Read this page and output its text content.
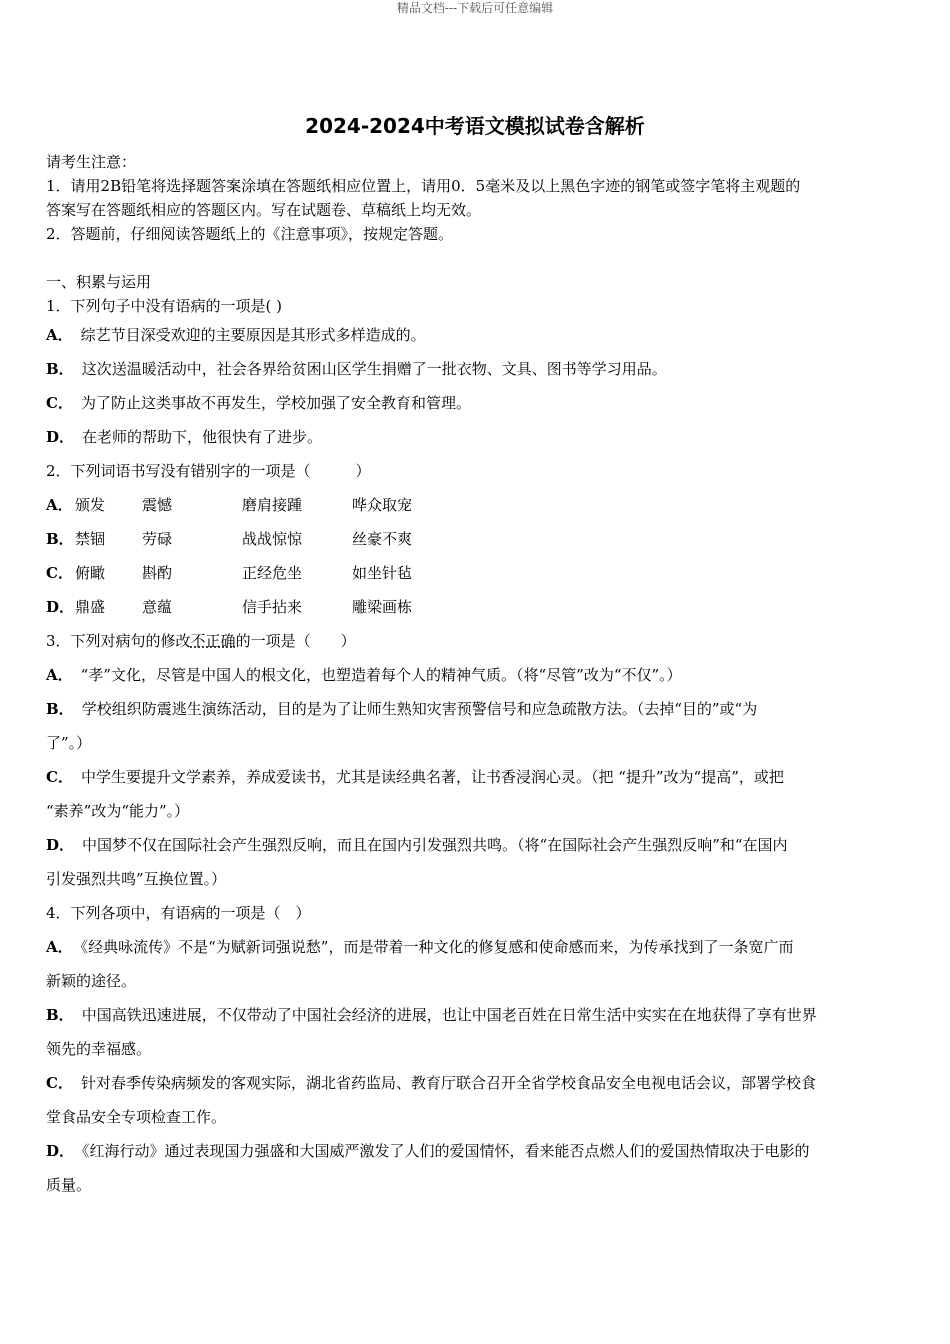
精品文档---下载后可任意编辑
2024-2024中考语文模拟试卷含解析
请考生注意：
1．请用2B铅笔将选择题答案涂填在答题纸相应位置上，请用0．5毫米及以上黑色字迹的钢笔或签字笔将主观题的
答案写在答题纸相应的答题区内。写在试题卷、草稿纸上均无效。
2．答题前，仔细阅读答题纸上的《注意事项》，按规定答题。
一、积累与运用
1．下列句子中没有语病的一项是( )
A． 综艺节目深受欢迎的主要原因是其形式多样造成的。
B． 这次送温暖活动中，社会各界给贫困山区学生捐赠了一批衣物、文具、图书等学习用品。
C． 为了防止这类事故不再发生，学校加强了安全教育和管理。
D． 在老师的帮助下，他很快有了进步。
2．下列词语书写没有错别字的一项是（　　　）
A． 颁发	震憾	磨肩接踵	哗众取宠
B． 禁锢	劳碌	战战惊惊	丝豪不爽
C． 俯瞰	斟酌	正经危坐	如坐针毡
D． 鼎盛	意蕴	信手拈来	雕梁画栋
3．下列对病句的修改不正确的一项是（　　）
A． “孝”文化，尽管是中国人的根文化，也塑造着每个人的精神气质。（将“尽管”改为“不仅”。）
B． 学校组织防震逃生演练活动，目的是为了让师生熟知灾害预警信号和应急疏散方法。（去掉“目的”或“为
了”。）
C． 中学生要提升文学素养，养成爱读书，尤其是读经典名著，让书香浸润心灵。（把 “提升”改为“提高”，或把
“素养”改为“能力”。）
D． 中国梦不仅在国际社会产生强烈反响，而且在国内引发强烈共鸣。（将“在国际社会产生强烈反响”和“在国内
引发强烈共鸣”互换位置。）
4．下列各项中，有语病的一项是（　）
A． 《经典咏流传》不是“为赋新词强说愁”，而是带着一种文化的修复感和使命感而来，为传承找到了一条宽广而
新颖的途径。
B． 中国高铁迅速进展，不仅带动了中国社会经济的进展，也让中国老百姓在日常生活中实实在在地获得了享有世界
领先的幸福感。
C． 针对春季传染病频发的客观实际，湖北省药监局、教育厅联合召开全省学校食品安全电视电话会议，部署学校食
堂食品安全专项检查工作。
D． 《红海行动》通过表现国力强盛和大国威严激发了人们的爱国情怀，看来能否点燃人们的爱国热情取决于电影的
质量。
